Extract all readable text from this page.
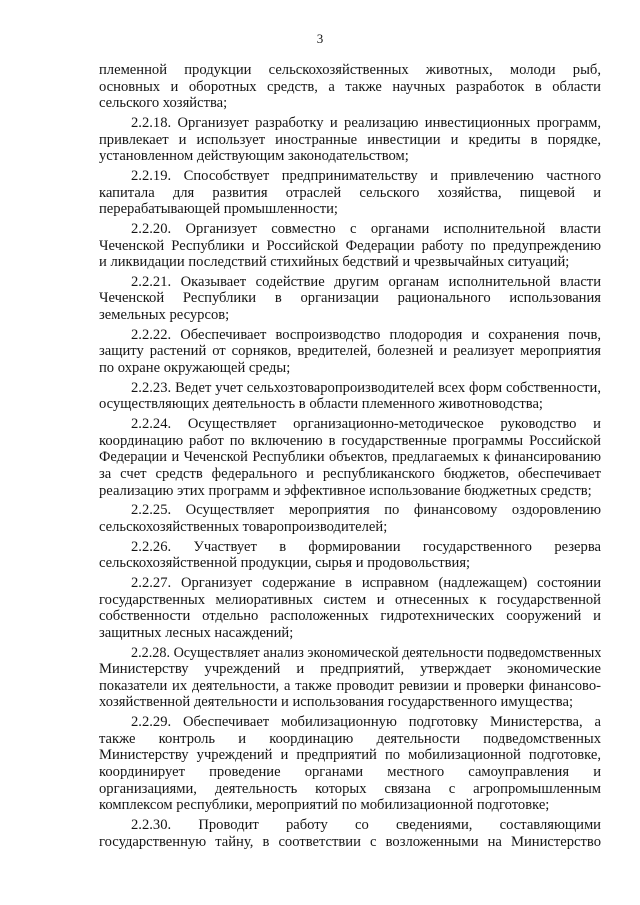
3
племенной продукции сельскохозяйственных животных, молоди рыб,
основных и оборотных средств, а также научных разработок в области
сельского хозяйства;
2.2.18. Организует разработку и реализацию инвестиционных программ,
привлекает и использует иностранные инвестиции и кредиты в порядке,
установленном действующим законодательством;
2.2.19. Способствует предпринимательству и привлечению частного
капитала для развития отраслей сельского хозяйства, пищевой и
перерабатывающей промышленности;
2.2.20. Организует совместно с органами исполнительной власти
Чеченской Республики и Российской Федерации работу по предупреждению
и ликвидации последствий стихийных бедствий и чрезвычайных ситуаций;
2.2.21. Оказывает содействие другим органам исполнительной власти
Чеченской Республики в организации рационального использования
земельных ресурсов;
2.2.22. Обеспечивает воспроизводство плодородия и сохранения почв,
защиту растений от сорняков, вредителей, болезней и реализует мероприятия
по охране окружающей среды;
2.2.23. Ведет учет сельхозтоваропроизводителей всех форм собственности,
осуществляющих деятельность в области племенного животноводства;
2.2.24. Осуществляет организационно-методическое руководство и
координацию работ по включению в государственные программы Российской
Федерации и Чеченской Республики объектов, предлагаемых к финансированию
за счет средств федерального и республиканского бюджетов, обеспечивает
реализацию этих программ и эффективное использование бюджетных средств;
2.2.25. Осуществляет мероприятия по финансовому оздоровлению
сельскохозяйственных товаропроизводителей;
2.2.26. Участвует в формировании государственного резерва
сельскохозяйственной продукции, сырья и продовольствия;
2.2.27. Организует содержание в исправном (надлежащем) состоянии
государственных мелиоративных систем и отнесенных к государственной
собственности отдельно расположенных гидротехнических сооружений и
защитных лесных насаждений;
2.2.28. Осуществляет анализ экономической деятельности подведомственных
Министерству учреждений и предприятий, утверждает экономические
показатели их деятельности, а также проводит ревизии и проверки финансово-
хозяйственной деятельности и использования государственного имущества;
2.2.29. Обеспечивает мобилизационную подготовку Министерства, а
также контроль и координацию деятельности подведомственных
Министерству учреждений и предприятий по мобилизационной подготовке,
координирует проведение органами местного самоуправления и
организациями, деятельность которых связана с агропромышленным
комплексом республики, мероприятий по мобилизационной подготовке;
2.2.30. Проводит работу со сведениями, составляющими
государственную тайну, в соответствии с возложенными на Министерство
